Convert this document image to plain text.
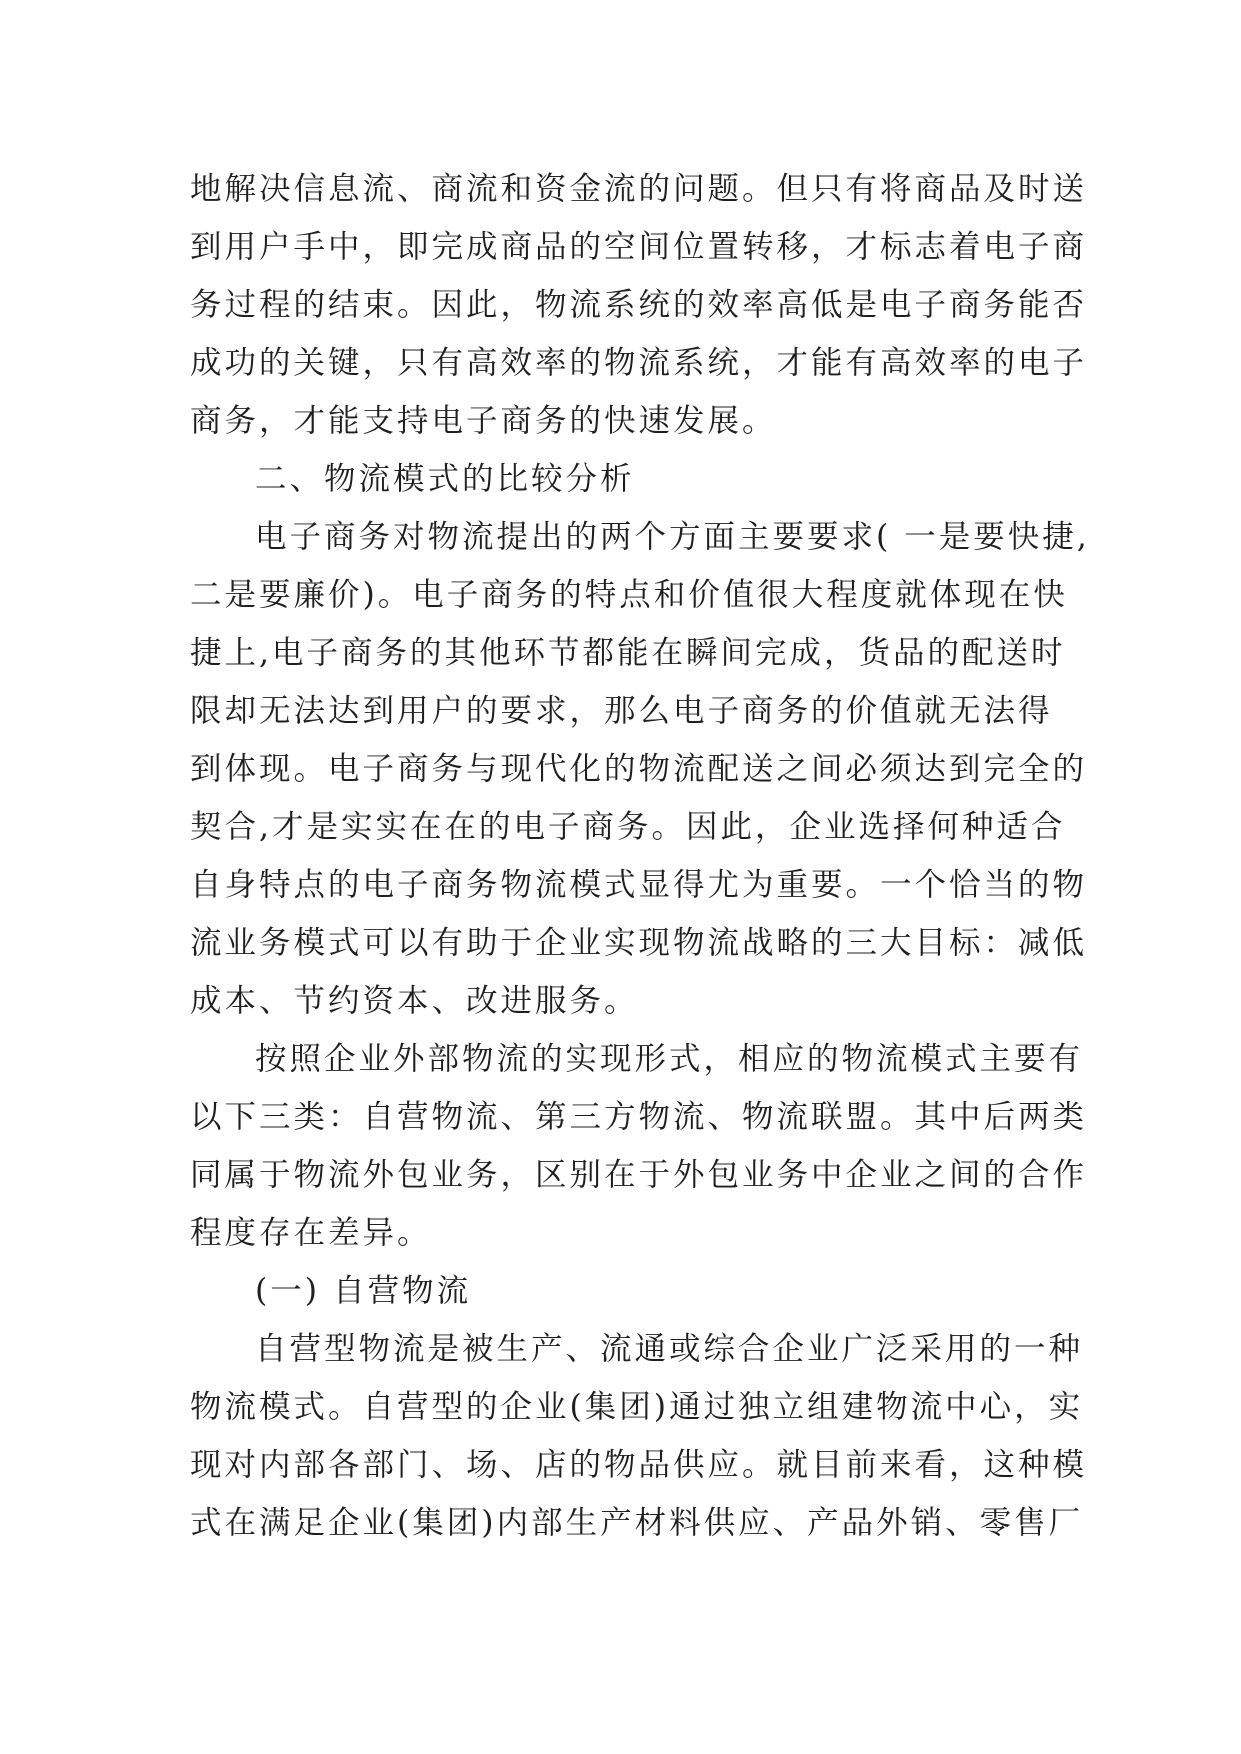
地解决信息流、商流和资金流的问题。但只有将商品及时送
到用户手中，即完成商品的空间位置转移，才标志着电子商
务过程的结束。因此，物流系统的效率高低是电子商务能否
成功的关键，只有高效率的物流系统，才能有高效率的电子
商务，才能支持电子商务的快速发展。
二、物流模式的比较分析
电子商务对物流提出的两个方面主要要求( 一是要快捷,
二是要廉价)。电子商务的特点和价值很大程度就体现在快
捷上,电子商务的其他环节都能在瞬间完成，货品的配送时
限却无法达到用户的要求，那么电子商务的价值就无法得
到体现。电子商务与现代化的物流配送之间必须达到完全的
契合,才是实实在在的电子商务。因此，企业选择何种适合
自身特点的电子商务物流模式显得尤为重要。一个恰当的物
流业务模式可以有助于企业实现物流战略的三大目标：减低
成本、节约资本、改进服务。
按照企业外部物流的实现形式，相应的物流模式主要有
以下三类：自营物流、第三方物流、物流联盟。其中后两类
同属于物流外包业务，区别在于外包业务中企业之间的合作
程度存在差异。
(一) 自营物流
自营型物流是被生产、流通或综合企业广泛采用的一种
物流模式。自营型的企业(集团)通过独立组建物流中心，实
现对内部各部门、场、店的物品供应。就目前来看，这种模
式在满足企业(集团)内部生产材料供应、产品外销、零售厂
